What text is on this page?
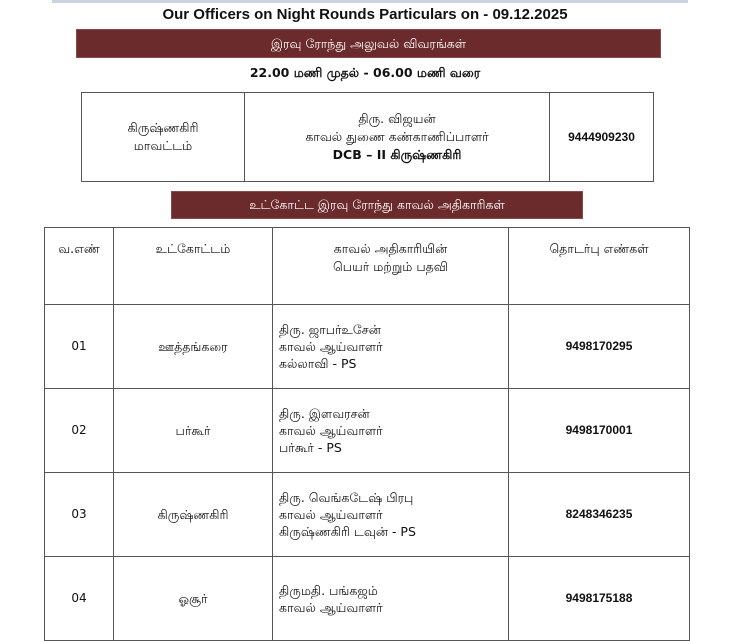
Our Officers on Night Rounds Particulars on - 09.12.2025
இரவு ரோந்து அலுவல் விவரங்கள்
22.00 மணி முதல் - 06.00 மணி வரை
கிருஷ்ணகிரி
மாவட்டம்

திரு. விஜயன்
காவல் துணை கண்காணிப்பாளர்
DCB – II கிருஷ்ணகிரி
	9444909230
உட்கோட்ட இரவு ரோந்து காவல் அதிகாரிகள்
வ.எண்	உட்கோட்டம்	காவல் அதிகாரியின்
பெயர் மற்றும் பதவி	தொடர்பு எண்கள்
01	ஊத்தங்கரை	திரு. ஜாபர்உசேன்
காவல் ஆய்வாளர்
கல்லாவி - PS	9498170295
02	பர்கூர்	திரு. இளவரசன்
காவல் ஆய்வாளர்
பர்கூர் - PS	9498170001
03	கிருஷ்ணகிரி	திரு. வெங்கடேஷ் பிரபு
காவல் ஆய்வாளர்
கிருஷ்ணகிரி டவுன் - PS	8248346235
04	ஓசூர்	திருமதி. பங்கஜம்
காவல் ஆய்வாளர்	9498175188
